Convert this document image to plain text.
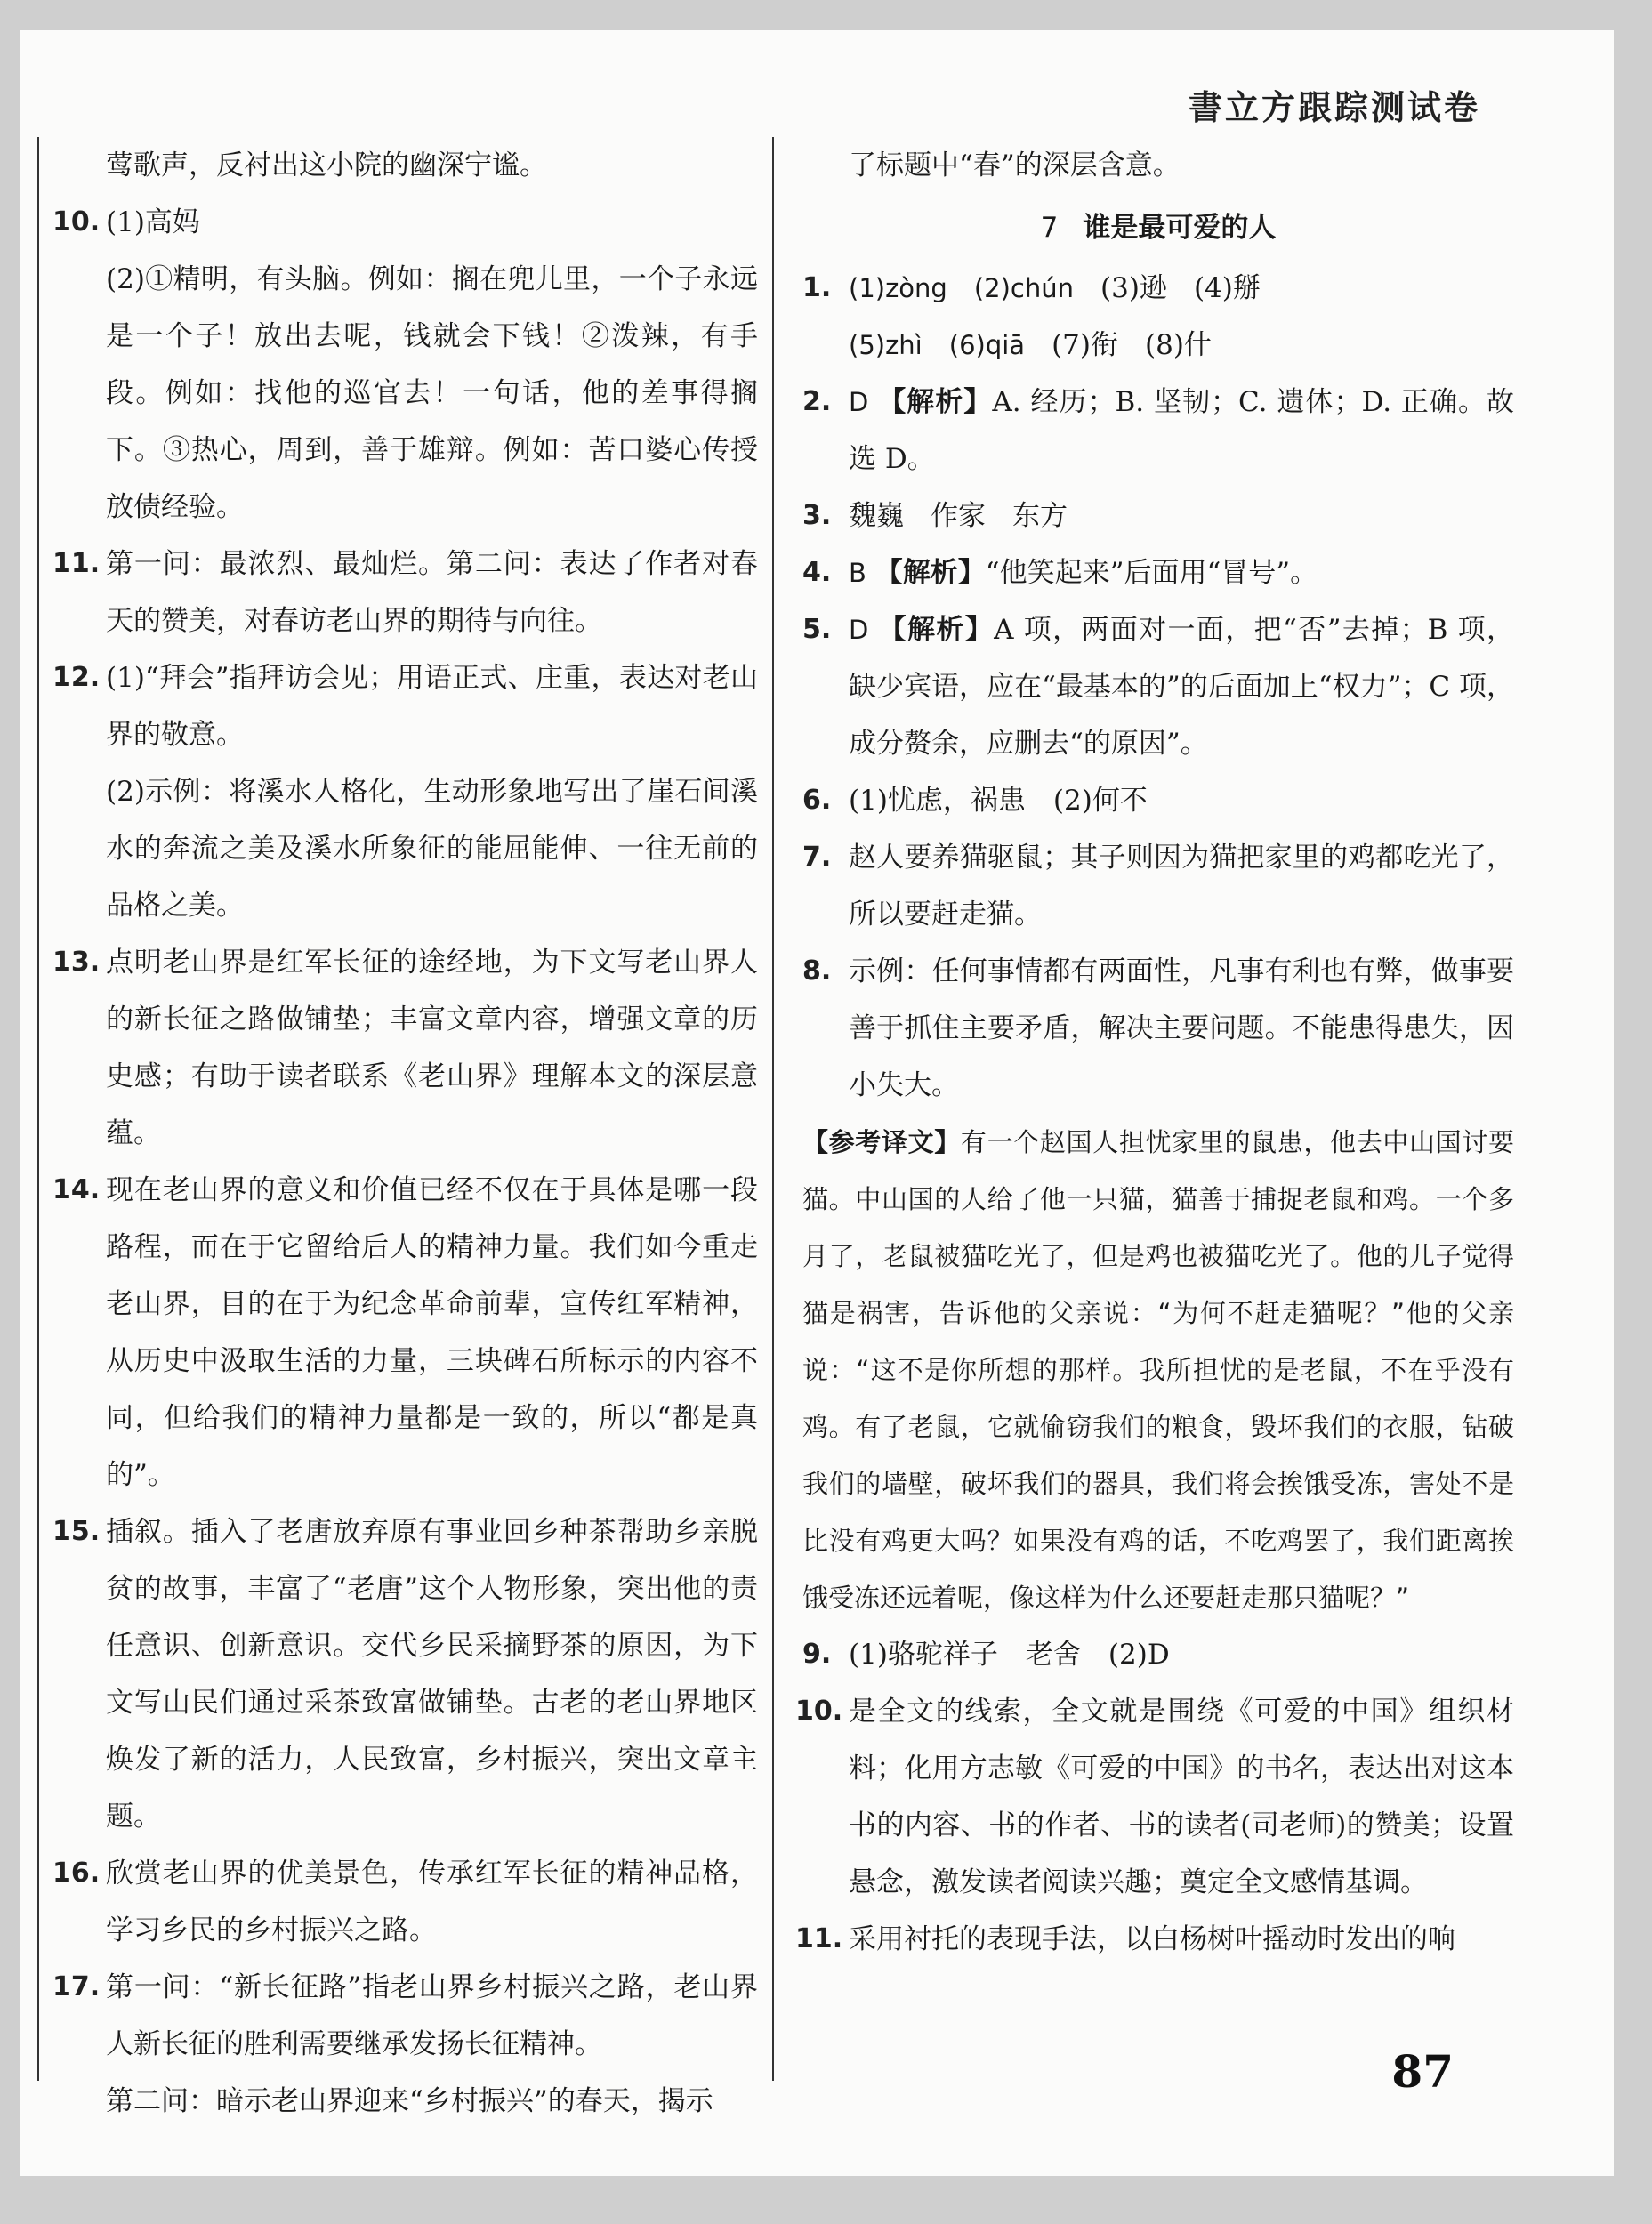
書立方跟踪测试卷

莺歌声，反衬出这小院的幽深宁谧。

10. (1)高妈

(2)①精明，有头脑。例如：搁在兜儿里，一个子永远是一个子！放出去呢，钱就会下钱！②泼辣，有手段。例如：找他的巡官去！一句话，他的差事得搁下。③热心，周到，善于雄辩。例如：苦口婆心传授放债经验。

11. 第一问：最浓烈、最灿烂。第二问：表达了作者对春天的赞美，对春访老山界的期待与向往。
12. (1)“拜会”指拜访会见；用语正式、庄重，表达对老山界的敬意。

(2)示例：将溪水人格化，生动形象地写出了崖石间溪水的奔流之美及溪水所象征的能屈能伸、一往无前的品格之美。

13. 点明老山界是红军长征的途经地，为下文写老山界人的新长征之路做铺垫；丰富文章内容，增强文章的历史感；有助于读者联系《老山界》理解本文的深层意蕴。
14. 现在老山界的意义和价值已经不仅在于具体是哪一段路程，而在于它留给后人的精神力量。我们如今重走老山界，目的在于为纪念革命前辈，宣传红军精神，从历史中汲取生活的力量，三块碑石所标示的内容不同，但给我们的精神力量都是一致的，所以“都是真的”。
15. 插叙。插入了老唐放弃原有事业回乡种茶帮助乡亲脱贫的故事，丰富了“老唐”这个人物形象，突出他的责任意识、创新意识。交代乡民采摘野茶的原因，为下文写山民们通过采茶致富做铺垫。古老的老山界地区焕发了新的活力，人民致富，乡村振兴，突出文章主题。
16. 欣赏老山界的优美景色，传承红军长征的精神品格，学习乡民的乡村振兴之路。
17. 第一问：“新长征路”指老山界乡村振兴之路，老山界人新长征的胜利需要继承发扬长征精神。

第二问：暗示老山界迎来“乡村振兴”的春天，揭示

了标题中“春”的深层含意。

7 谁是最可爱的人
1. (1)zòng (2)chún (3)逊 (4)掰
(5)zhì (6)qiā (7)衔 (8)什
2. D 【解析】A. 经历；B. 坚韧；C. 遗体；D. 正确。故选 D。
3. 魏巍 作家 东方
4. B 【解析】“他笑起来”后面用“冒号”。
5. D 【解析】A 项，两面对一面，把“否”去掉；B 项，缺少宾语，应在“最基本的”的后面加上“权力”；C 项，成分赘余，应删去“的原因”。
6. (1)忧虑，祸患　(2)何不
7. 赵人要养猫驱鼠；其子则因为猫把家里的鸡都吃光了，所以要赶走猫。
8. 示例：任何事情都有两面性，凡事有利也有弊，做事要善于抓住主要矛盾，解决主要问题。不能患得患失，因小失大。

【参考译文】有一个赵国人担忧家里的鼠患，他去中山国讨要猫。中山国的人给了他一只猫，猫善于捕捉老鼠和鸡。一个多月了，老鼠被猫吃光了，但是鸡也被猫吃光了。他的儿子觉得猫是祸害，告诉他的父亲说：“为何不赶走猫呢？”他的父亲说：“这不是你所想的那样。我所担忧的是老鼠，不在乎没有鸡。有了老鼠，它就偷窃我们的粮食，毁坏我们的衣服，钻破我们的墙壁，破坏我们的器具，我们将会挨饿受冻，害处不是比没有鸡更大吗？如果没有鸡的话，不吃鸡罢了，我们距离挨饿受冻还远着呢，像这样为什么还要赶走那只猫呢？”

9. (1)骆驼祥子　老舍　(2)D
10. 是全文的线索，全文就是围绕《可爱的中国》组织材料；化用方志敏《可爱的中国》的书名，表达出对这本书的内容、书的作者、书的读者(司老师)的赞美；设置悬念，激发读者阅读兴趣；奠定全文感情基调。
11. 采用衬托的表现手法，以白杨树叶摇动时发出的响
87
